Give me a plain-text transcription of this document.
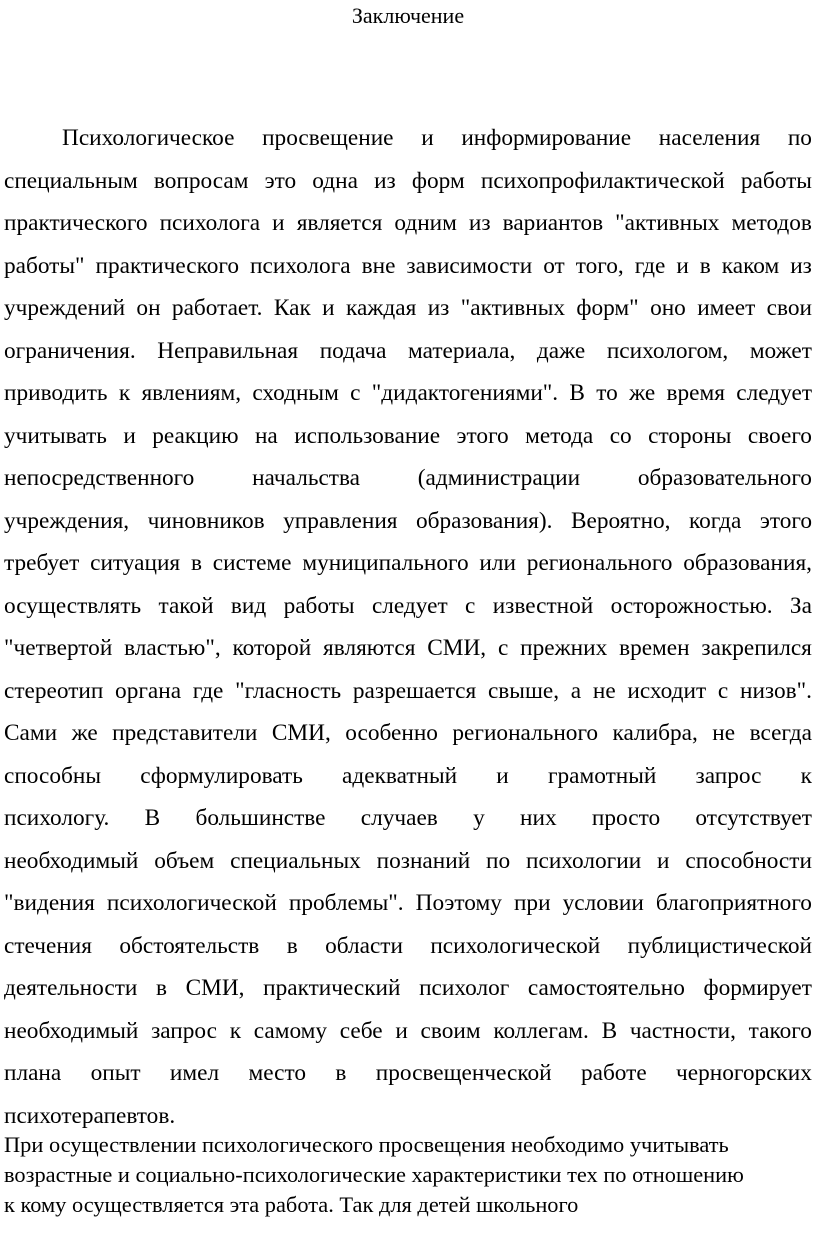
Заключение
Психологическое просвещение и информирование населения по
специальным вопросам это одна из форм психопрофилактической работы
практического психолога и является одним из вариантов "активных методов
работы" практического психолога вне зависимости от того, где и в каком из
учреждений он работает. Как и каждая из "активных форм" оно имеет свои
ограничения. Неправильная подача материала, даже психологом, может
приводить к явлениям, сходным с "дидактогениями". В то же время следует
учитывать и реакцию на использование этого метода со стороны своего
непосредственного начальства (администрации образовательного
учреждения, чиновников управления образования). Вероятно, когда этого
требует ситуация в системе муниципального или регионального образования,
осуществлять такой вид работы следует с известной осторожностью. За
"четвертой властью", которой являются СМИ, с прежних времен закрепился
стереотип органа где "гласность разрешается свыше, а не исходит с низов".
Сами же представители СМИ, особенно регионального калибра, не всегда
способны сформулировать адекватный и грамотный запрос к
психологу. В большинстве случаев у них просто отсутствует
необходимый объем специальных познаний по психологии и способности
"видения психологической проблемы". Поэтому при условии благоприятного
стечения обстоятельств в области психологической публицистической
деятельности в СМИ, практический психолог самостоятельно формирует
необходимый запрос к самому себе и своим коллегам. В частности, такого
плана опыт имел место в просвещенческой работе черногорских
психотерапевтов.
При осуществлении психологического просвещения необходимо учитывать
возрастные и социально-психологические характеристики тех по отношению
к кому осуществляется эта работа. Так для детей школьного
